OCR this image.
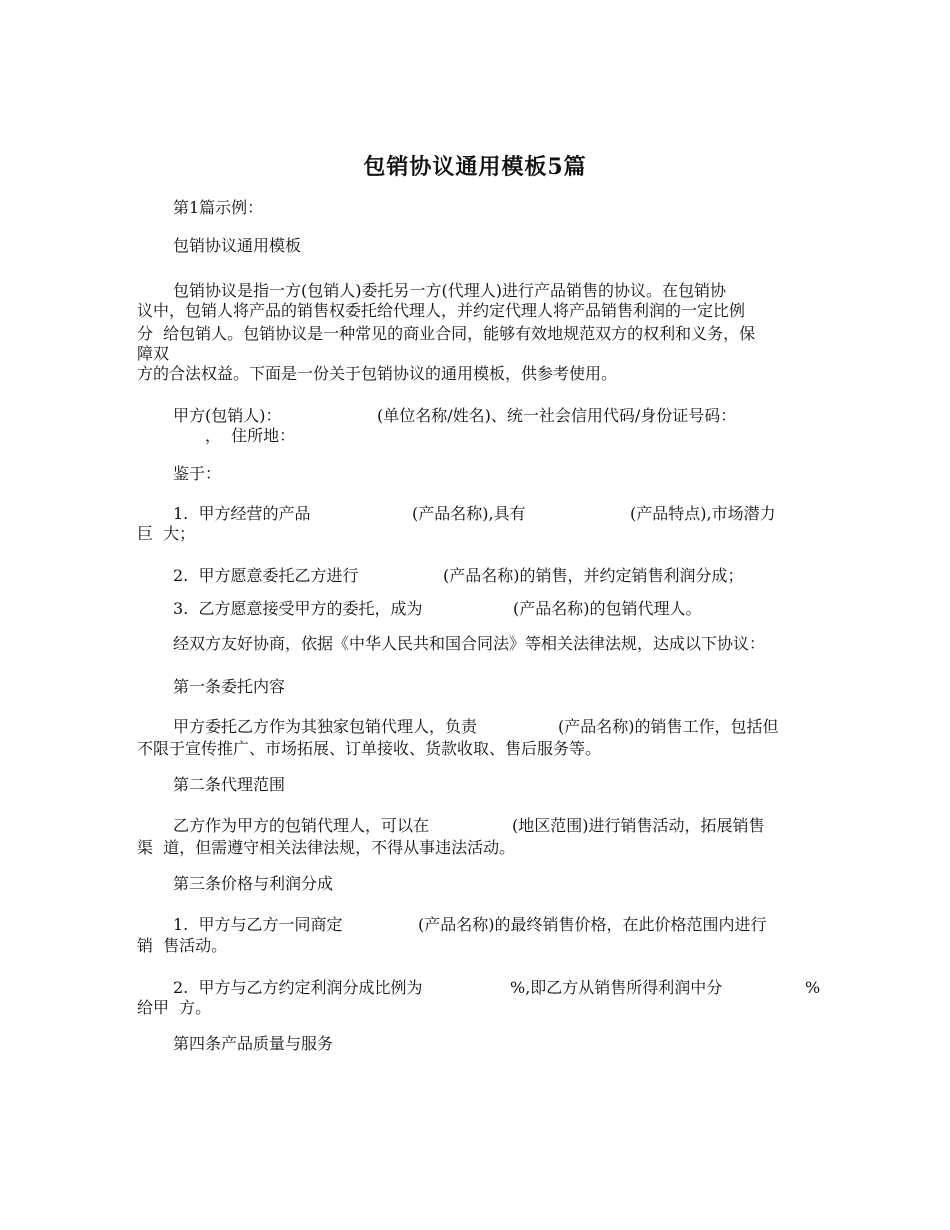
包销协议通用模板5篇
第1篇示例：
包销协议通用模板
包销协议是指一方(包销人)委托另一方(代理人)进行产品销售的协议。在包销协
议中，包销人将产品的销售权委托给代理人，并约定代理人将产品销售利润的一定比例
分  给包销人。包销协议是一种常见的商业合同，能够有效地规范双方的权利和义务，保
障双
方的合法权益。下面是一份关于包销协议的通用模板，供参考使用。
甲方(包销人)：	(单位名称/姓名)、统一社会信用代码/身份证号码：
，  住所地：
鉴于：
1.  甲方经营的产品	(产品名称),具有	(产品特点),市场潜力
巨  大；
2.  甲方愿意委托乙方进行	(产品名称)的销售，并约定销售利润分成；
3.  乙方愿意接受甲方的委托，成为	(产品名称)的包销代理人。
经双方友好协商，依据《中华人民共和国合同法》等相关法律法规，达成以下协议：
第一条委托内容
甲方委托乙方作为其独家包销代理人，负责	(产品名称)的销售工作，包括但
不限于宣传推广、市场拓展、订单接收、货款收取、售后服务等。
第二条代理范围
乙方作为甲方的包销代理人，可以在	(地区范围)进行销售活动，拓展销售
渠  道，但需遵守相关法律法规，不得从事违法活动。
第三条价格与利润分成
1.  甲方与乙方一同商定	(产品名称)的最终销售价格，在此价格范围内进行
销  售活动。
2.  甲方与乙方约定利润分成比例为	%,即乙方从销售所得利润中分	%
给甲  方。
第四条产品质量与服务
